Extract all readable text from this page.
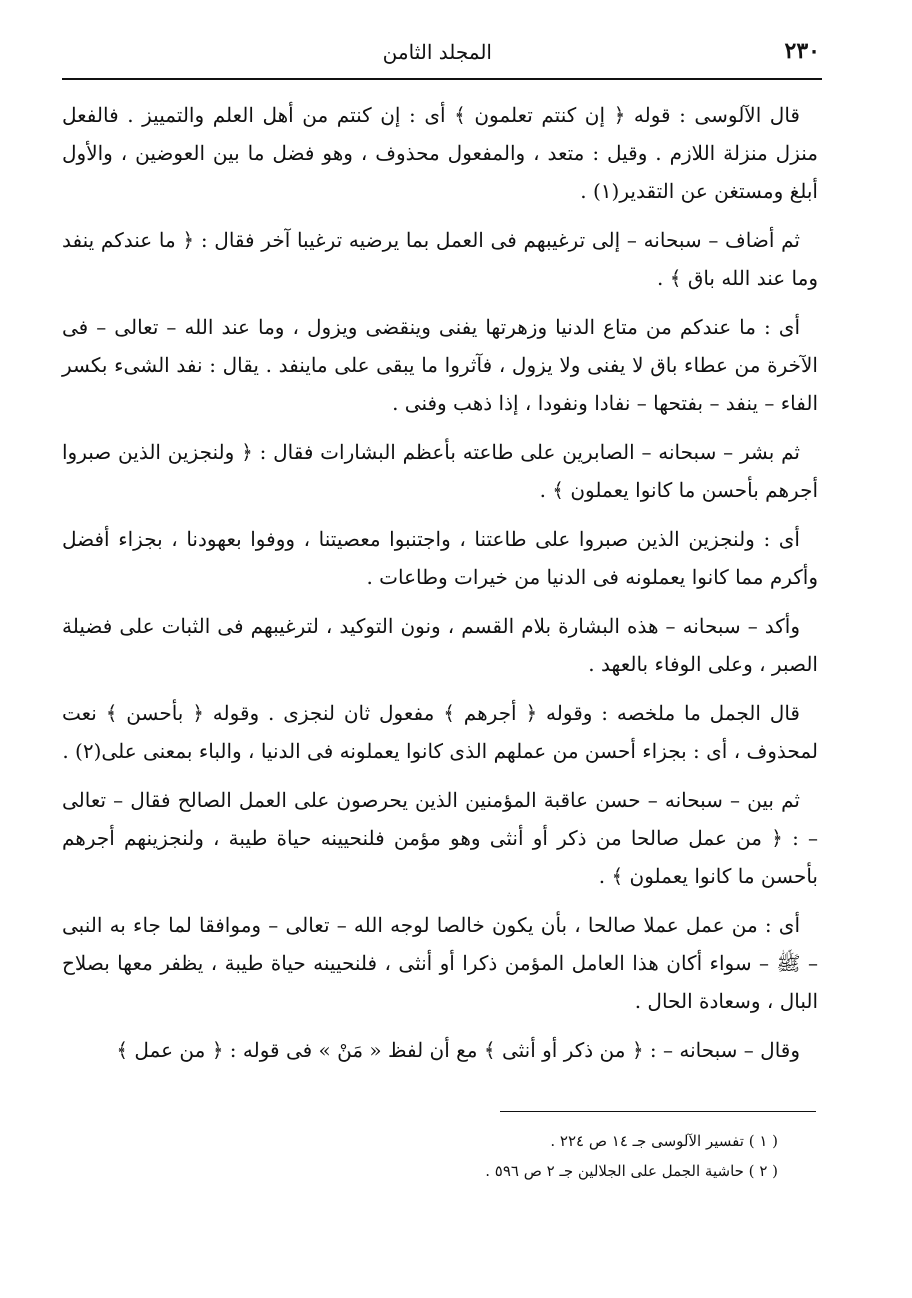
٢٣٠
المجلد الثامن

قال الآلوسى : قوله ﴿ إن كنتم تعلمون ﴾ أى : إن كنتم من أهل العلم والتمييز . فالفعل منزل منزلة اللازم . وقيل : متعد ، والمفعول محذوف ، وهو فضل ما بين العوضين ، والأول أبلغ ومستغن عن التقدير(١) .

ثم أضاف – سبحانه – إلى ترغيبهم فى العمل بما يرضيه ترغيبا آخر فقال : ﴿ ما عندكم ينفد وما عند الله باق ﴾ .

أى : ما عندكم من متاع الدنيا وزهرتها يفنى وينقضى ويزول ، وما عند الله – تعالى – فى الآخرة من عطاء باق لا يفنى ولا يزول ، فآثروا ما يبقى على ماينفد . يقال : نفد الشىء بكسر الفاء – ينفد – بفتحها – نفادا ونفودا ، إذا ذهب وفنى .

ثم بشر – سبحانه – الصابرين على طاعته بأعظم البشارات فقال : ﴿ ولنجزين الذين صبروا أجرهم بأحسن ما كانوا يعملون ﴾ .

أى : ولنجزين الذين صبروا على طاعتنا ، واجتنبوا معصيتنا ، ووفوا بعهودنا ، بجزاء أفضل وأكرم مما كانوا يعملونه فى الدنيا من خيرات وطاعات .

وأكد – سبحانه – هذه البشارة بلام القسم ، ونون التوكيد ، لترغيبهم فى الثبات على فضيلة الصبر ، وعلى الوفاء بالعهد .

قال الجمل ما ملخصه : وقوله ﴿ أجرهم ﴾ مفعول ثان لنجزى . وقوله ﴿ بأحسن ﴾ نعت لمحذوف ، أى : بجزاء أحسن من عملهم الذى كانوا يعملونه فى الدنيا ، والباء بمعنى على(٢) .

ثم بين – سبحانه – حسن عاقبة المؤمنين الذين يحرصون على العمل الصالح فقال – تعالى – : ﴿ من عمل صالحا من ذكر أو أنثى وهو مؤمن فلنحيينه حياة طيبة ، ولنجزينهم أجرهم بأحسن ما كانوا يعملون ﴾ .

أى : من عمل عملا صالحا ، بأن يكون خالصا لوجه الله – تعالى – وموافقا لما جاء به النبى – ﷺ – سواء أكان هذا العامل المؤمن ذكرا أو أنثى ، فلنحيينه حياة طيبة ، يظفر معها بصلاح البال ، وسعادة الحال .

وقال – سبحانه – : ﴿ من ذكر أو أنثى ﴾ مع أن لفظ « مَنْ » فى قوله : ﴿ من عمل ﴾

( ١ ) تفسير الآلوسى جـ ١٤ ص ٢٢٤ .

( ٢ ) حاشية الجمل على الجلالين جـ ٢ ص ٥٩٦ .
